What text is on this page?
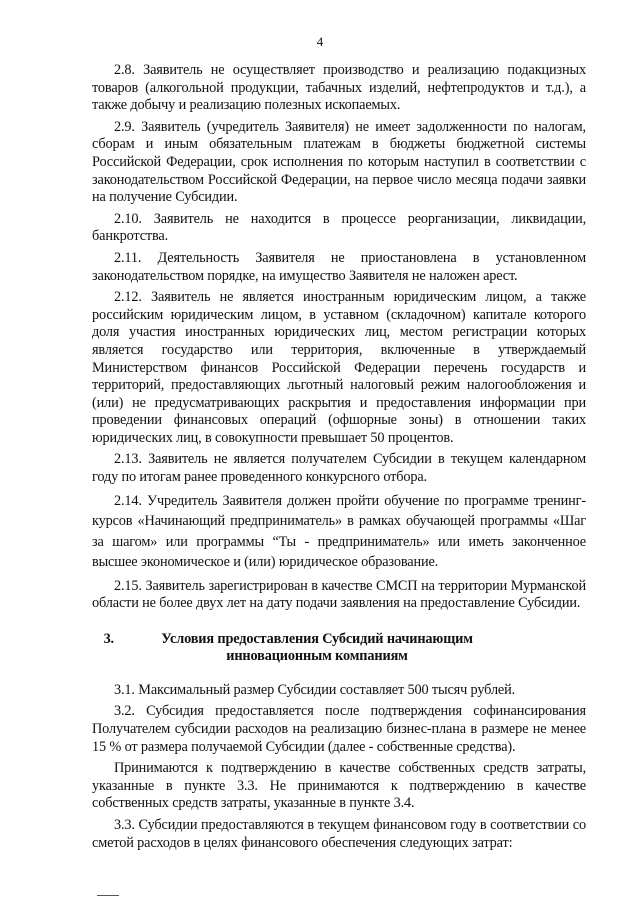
4

2.8. Заявитель не осуществляет производство и реализацию подакцизных товаров (алкогольной продукции, табачных изделий, нефтепродуктов и т.д.), а также добычу и реализацию полезных ископаемых.

2.9. Заявитель (учредитель Заявителя) не имеет задолженности по налогам, сборам и иным обязательным платежам в бюджеты бюджетной системы Российской Федерации, срок исполнения по которым наступил в соответствии с законодательством Российской Федерации, на первое число месяца подачи заявки на получение Субсидии.

2.10. Заявитель не находится в процессе реорганизации, ликвидации, банкротства.

2.11. Деятельность Заявителя не приостановлена в установленном законодательством порядке, на имущество Заявителя не наложен арест.

2.12. Заявитель не является иностранным юридическим лицом, а также российским юридическим лицом, в уставном (складочном) капитале которого доля участия иностранных юридических лиц, местом регистрации которых является государство или территория, включенные в утверждаемый Министерством финансов Российской Федерации перечень государств и территорий, предоставляющих льготный налоговый режим налогообложения и (или) не предусматривающих раскрытия и предоставления информации при проведении финансовых операций (офшорные зоны) в отношении таких юридических лиц, в совокупности превышает 50 процентов.

2.13. Заявитель не является получателем Субсидии в текущем календарном году по итогам ранее проведенного конкурсного отбора.

2.14. Учредитель Заявителя должен пройти обучение по программе тренинг-курсов «Начинающий предприниматель» в рамках обучающей программы «Шаг за шагом» или программы “Ты - предприниматель» или иметь законченное высшее экономическое и (или) юридическое образование.

2.15. Заявитель зарегистрирован в качестве СМСП на территории Мурманской области не более двух лет на дату подачи заявления на предоставление Субсидии.

3.	Условия предоставления Субсидий начинающим инновационным компаниям

3.1. Максимальный размер Субсидии составляет 500 тысяч рублей.

3.2. Субсидия предоставляется после подтверждения софинансирования Получателем субсидии расходов на реализацию бизнес-плана в размере не менее 15 % от размера получаемой Субсидии (далее - собственные средства).

Принимаются к подтверждению в качестве собственных средств затраты, указанные в пункте 3.3. Не принимаются к подтверждению в качестве собственных средств затраты, указанные в пункте 3.4.

3.3. Субсидии предоставляются в текущем финансовом году в соответствии со сметой расходов в целях финансового обеспечения следующих затрат:
